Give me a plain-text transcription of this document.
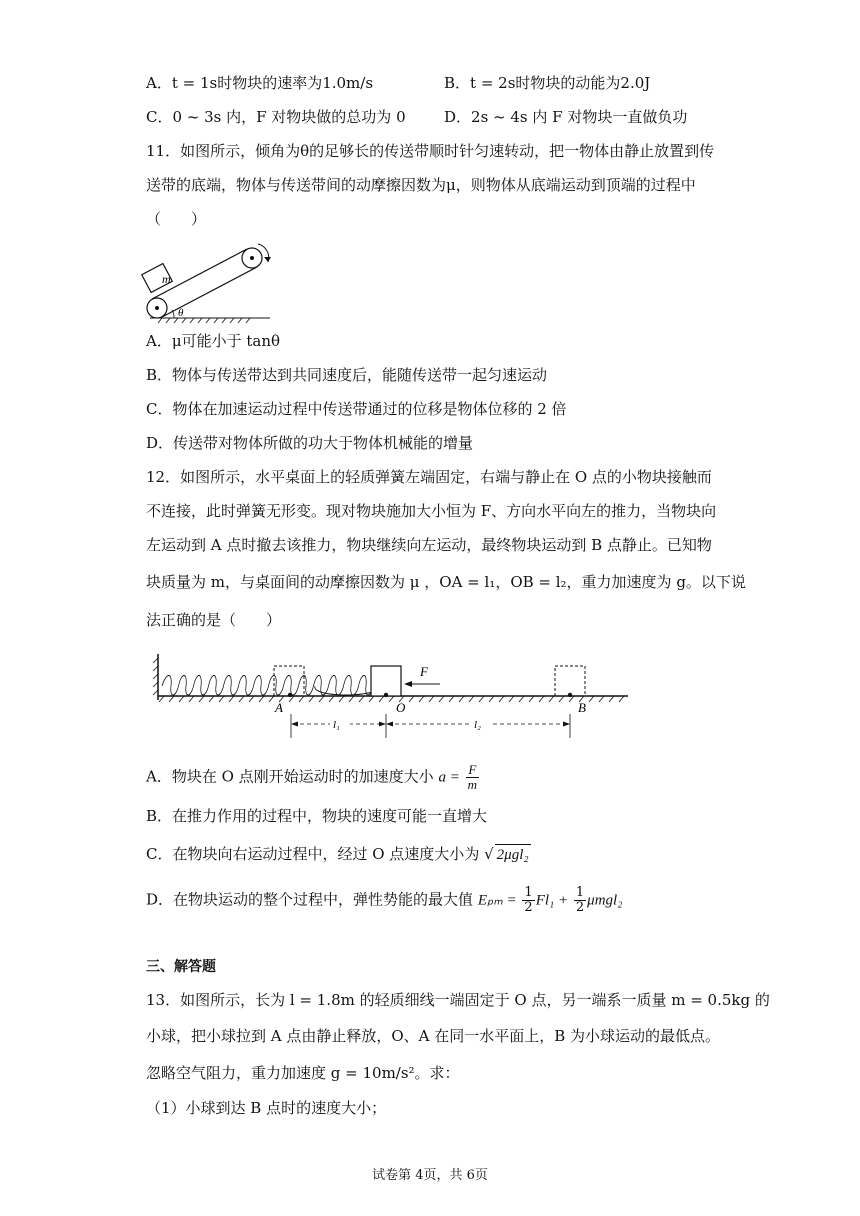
A．t = 1s时物块的速率为1.0m/s	B．t = 2s时物块的动能为2.0J
C．0 ~ 3s 内，F 对物块做的总功为 0	D．2s ~ 4s 内 F 对物块一直做负功
11．如图所示，倾角为θ的足够长的传送带顺时针匀速转动，把一物体由静止放置到传
送带的底端，物体与传送带间的动摩擦因数为μ，则物体从底端运动到顶端的过程中
（　　）
m
θ
A．μ可能小于 tanθ
B．物体与传送带达到共同速度后，能随传送带一起匀速运动
C．物体在加速运动过程中传送带通过的位移是物体位移的 2 倍
D．传送带对物体所做的功大于物体机械能的增量
12．如图所示，水平桌面上的轻质弹簧左端固定，右端与静止在 O 点的小物块接触而
不连接，此时弹簧无形变。现对物块施加大小恒为 F、方向水平向左的推力，当物块向
左运动到 A 点时撤去该推力，物块继续向左运动，最终物块运动到 B 点静止。已知物
块质量为 m，与桌面间的动摩擦因数为 μ ，OA = l₁，OB = l₂，重力加速度为 g。以下说
法正确的是（　　）
F
A	O	B
l₁	l₂
A．物块在 O 点刚开始运动时的加速度大小 $a = \frac{F}{m}$
B．在推力作用的过程中，物块的速度可能一直增大
C．在物块向右运动过程中，经过 O 点速度大小为 √ 2μgl₂
D．在物块运动的整个过程中，弹性势能的最大值 $E_{pm} = \frac{1}{2} Fl_1 + \frac{1}{2} \mu mgl_2$
三、解答题
13．如图所示，长为 l = 1.8m 的轻质细线一端固定于 O 点，另一端系一质量 m = 0.5kg 的
小球，把小球拉到 A 点由静止释放，O、A 在同一水平面上，B 为小球运动的最低点。
忽略空气阻力，重力加速度 g = 10m/s²。求：
（1）小球到达 B 点时的速度大小；
试卷第 4页，共 6页
